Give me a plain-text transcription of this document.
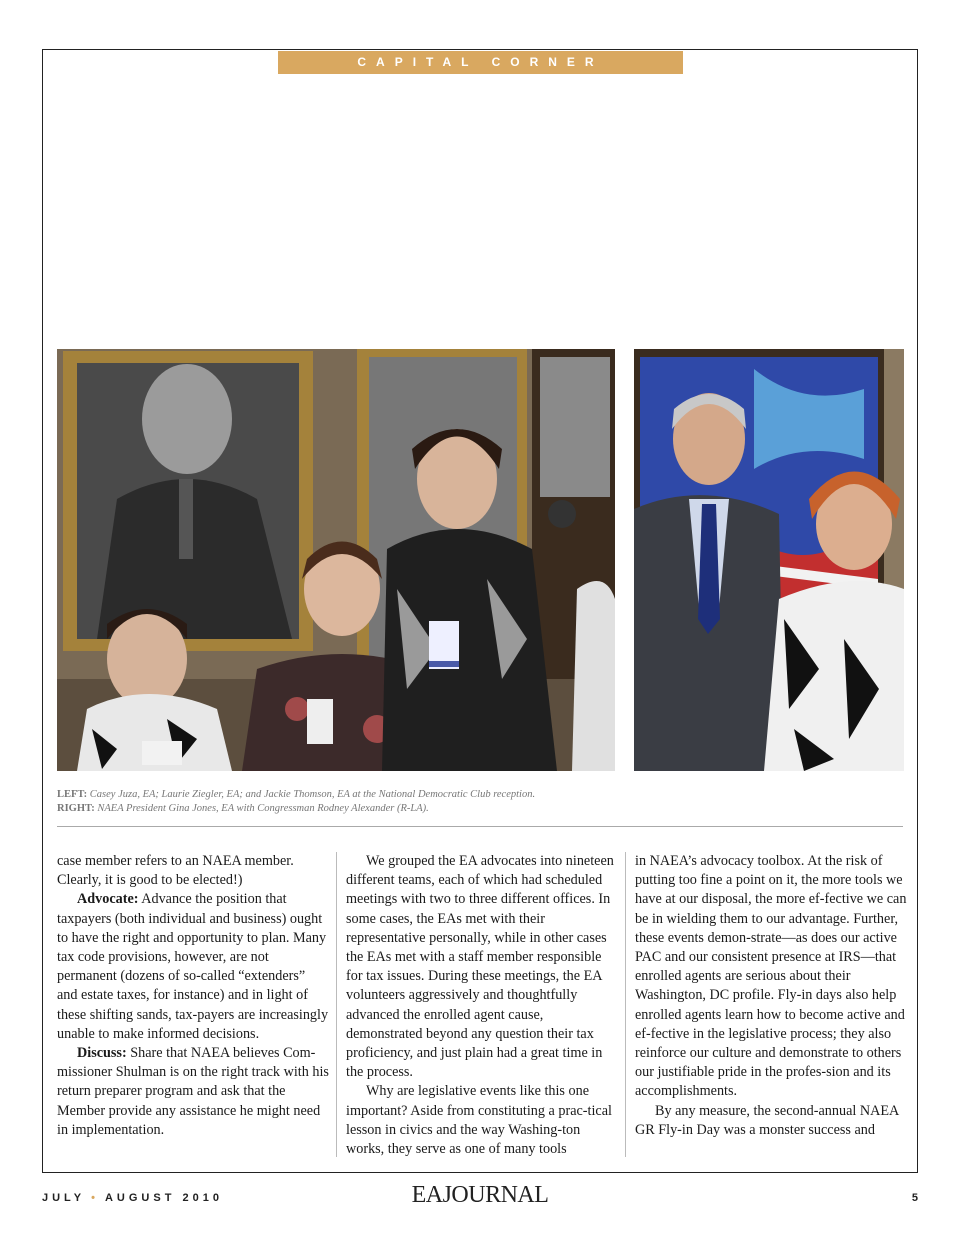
CAPITAL CORNER
LEFT: Casey Juza, EA; Laurie Ziegler, EA; and Jackie Thomson, EA at the National Democratic Club reception.
RIGHT: NAEA President Gina Jones, EA with Congressman Rodney Alexander (R-LA).

case member refers to an NAEA member. Clearly, it is good to be elected!)

Advocate: Advance the position that taxpayers (both individual and business) ought to have the right and opportunity to plan. Many tax code provisions, however, are not permanent (dozens of so-called “extenders” and estate taxes, for instance) and in light of these shifting sands, tax-payers are increasingly unable to make informed decisions.

Discuss: Share that NAEA believes Com-missioner Shulman is on the right track with his return preparer program and ask that the Member provide any assistance he might need in implementation.

We grouped the EA advocates into nineteen different teams, each of which had scheduled meetings with two to three different offices. In some cases, the EAs met with their representative personally, while in other cases the EAs met with a staff member responsible for tax issues. During these meetings, the EA volunteers aggressively and thoughtfully advanced the enrolled agent cause, demonstrated beyond any question their tax proficiency, and just plain had a great time in the process.

Why are legislative events like this one important? Aside from constituting a prac-tical lesson in civics and the way Washing-ton works, they serve as one of many tools

in NAEA’s advocacy toolbox. At the risk of putting too fine a point on it, the more tools we have at our disposal, the more ef-fective we can be in wielding them to our advantage. Further, these events demon-strate—as does our active PAC and our consistent presence at IRS—that enrolled agents are serious about their Washington, DC profile. Fly-in days also help enrolled agents learn how to become active and ef-fective in the legislative process; they also reinforce our culture and demonstrate to others our justifiable pride in the profes-sion and its accomplishments.

By any measure, the second-annual NAEA GR Fly-in Day was a monster success and

JULY • AUGUST 2010	EAJOURNAL	5
